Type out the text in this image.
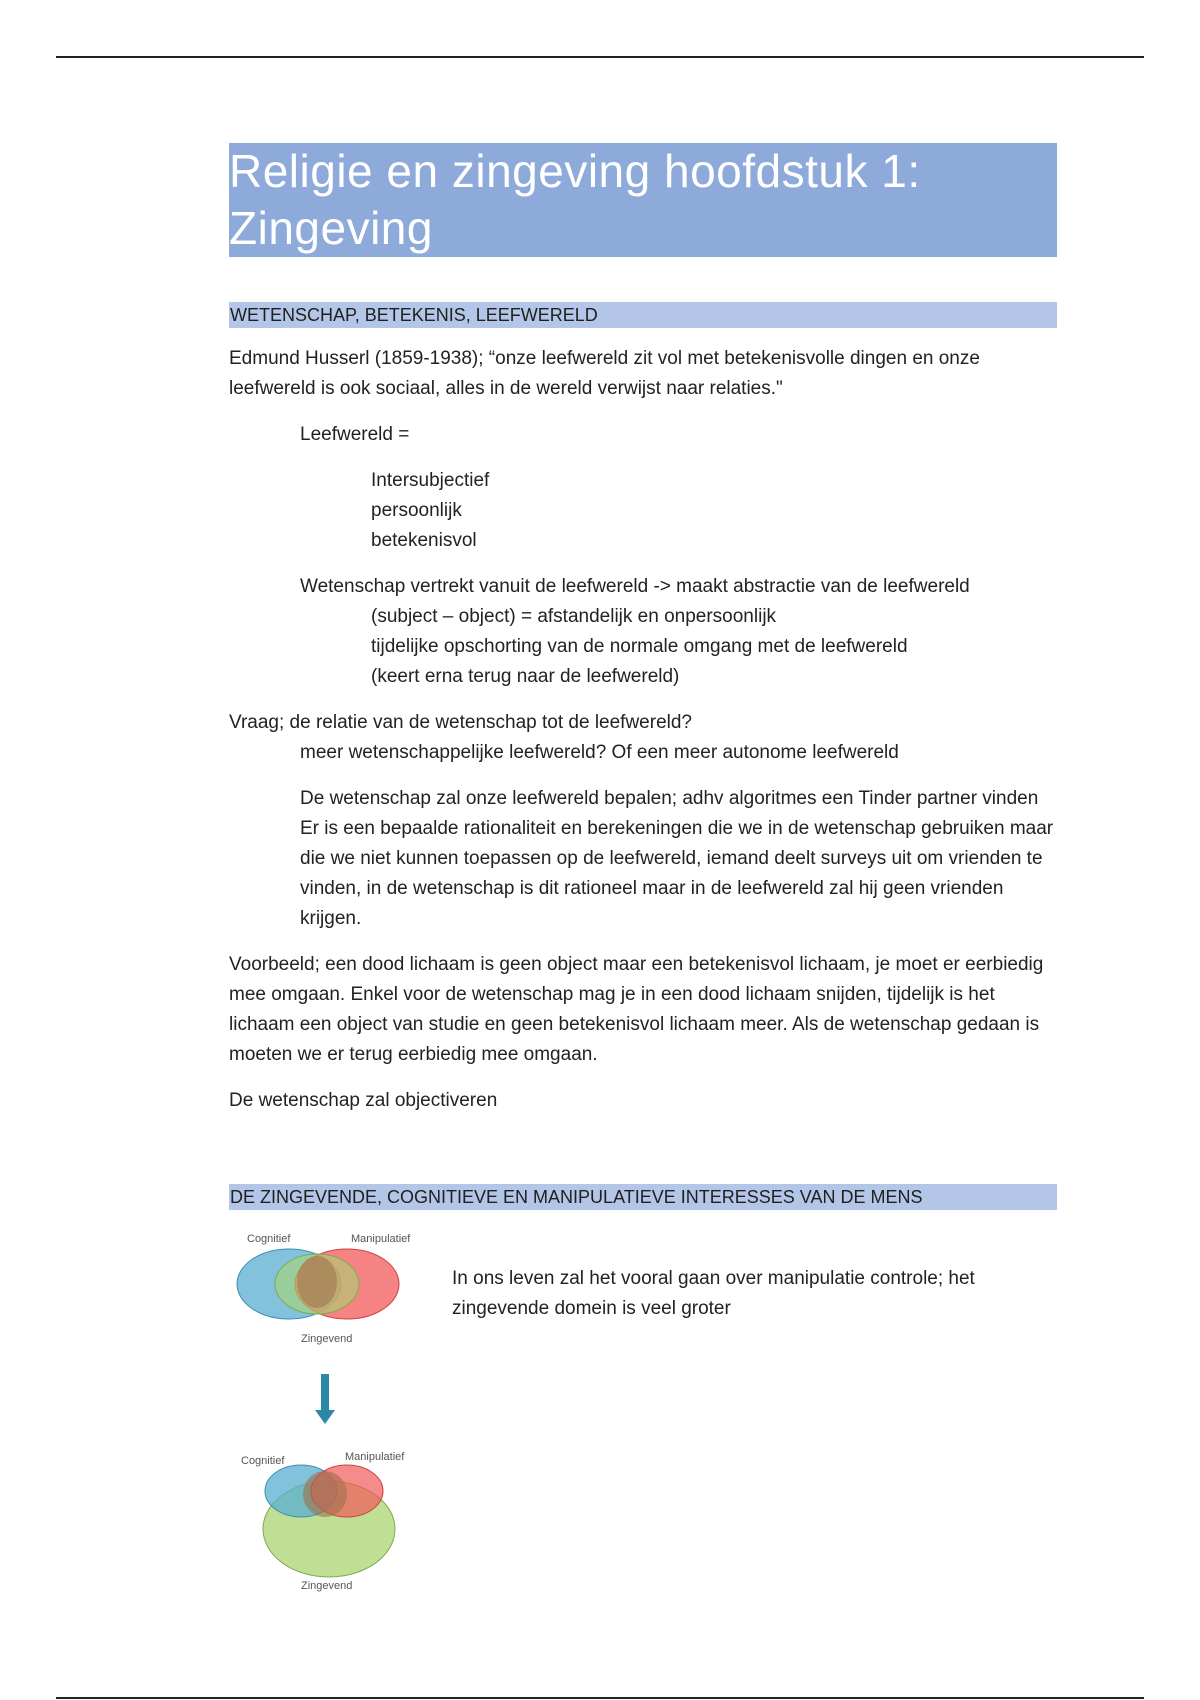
Religie en zingeving hoofdstuk 1: Zingeving
WETENSCHAP, BETEKENIS, LEEFWERELD

Edmund Husserl (1859-1938); “onze leefwereld zit vol met betekenisvolle dingen en onze leefwereld is ook sociaal, alles in de wereld verwijst naar relaties."

Leefwereld =

Intersubjectief

persoonlijk

betekenisvol

Wetenschap vertrekt vanuit de leefwereld -> maakt abstractie van de leefwereld

(subject – object) = afstandelijk en onpersoonlijk

tijdelijke opschorting van de normale omgang met de leefwereld

(keert erna terug naar de leefwereld)

Vraag; de relatie van de wetenschap tot de leefwereld?

meer wetenschappelijke leefwereld? Of een meer autonome leefwereld

De wetenschap zal onze leefwereld bepalen; adhv algoritmes een Tinder partner vinden

Er is een bepaalde rationaliteit en berekeningen die we in de wetenschap gebruiken maar die we niet kunnen toepassen op de leefwereld, iemand deelt surveys uit om vrienden te vinden, in de wetenschap is dit rationeel maar in de leefwereld zal hij geen vrienden krijgen.

Voorbeeld; een dood lichaam is geen object maar een betekenisvol lichaam, je moet er eerbiedig mee omgaan. Enkel voor de wetenschap mag je in een dood lichaam snijden, tijdelijk is het lichaam een object van studie en geen betekenisvol lichaam meer. Als de wetenschap gedaan is moeten we er terug eerbiedig mee omgaan.

De wetenschap zal objectiveren

DE ZINGEVENDE, COGNITIEVE EN MANIPULATIEVE INTERESSES VAN DE MENS
Cognitief	Manipulatief
Zingevend
Cognitief	Manipulatief
Zingevend

In ons leven zal het vooral gaan over manipulatie controle; het zingevende domein is veel groter
